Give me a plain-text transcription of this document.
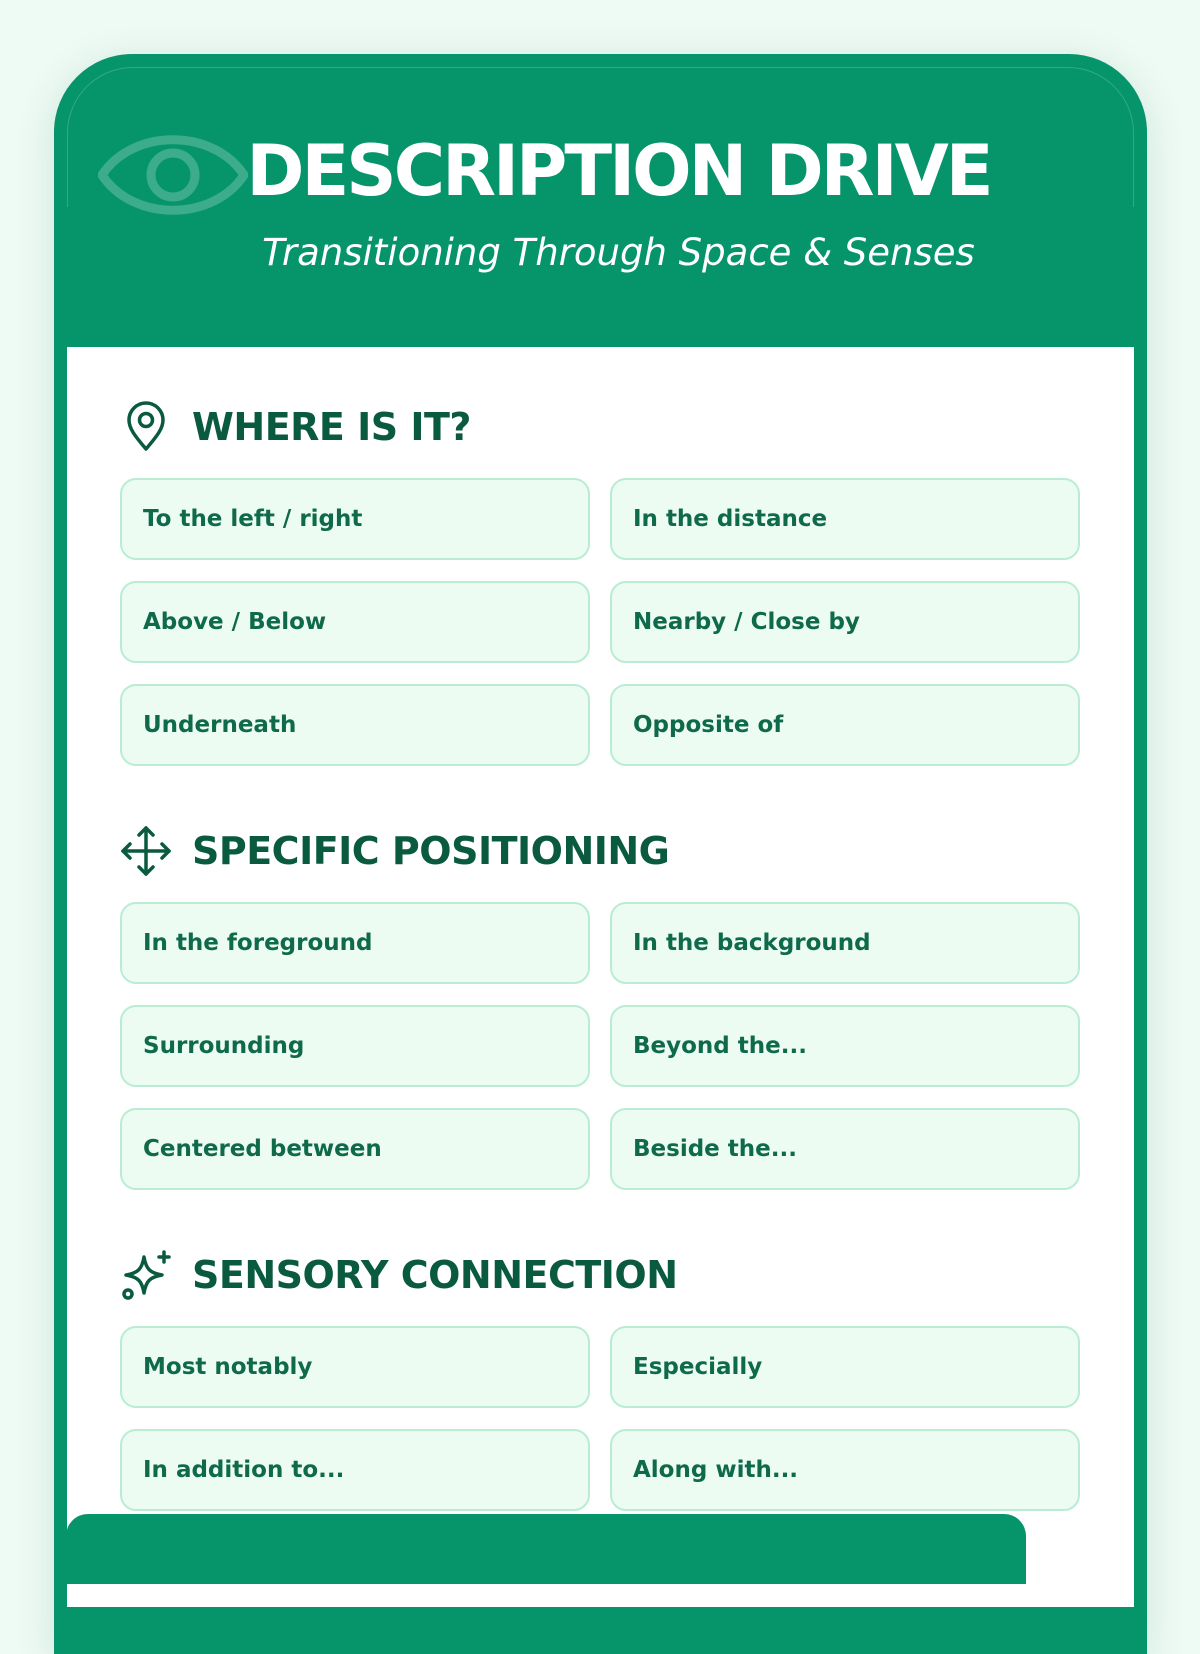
DESCRIPTION DRIVE
Transitioning Through Space & Senses
WHERE IS IT?
To the left / right	In the distance
Above / Below	Nearby / Close by
Underneath	Opposite of
SPECIFIC POSITIONING
In the foreground	In the background
Surrounding	Beyond the...
Centered between	Beside the...
SENSORY CONNECTION
Most notably	Especially
In addition to...	Along with...
